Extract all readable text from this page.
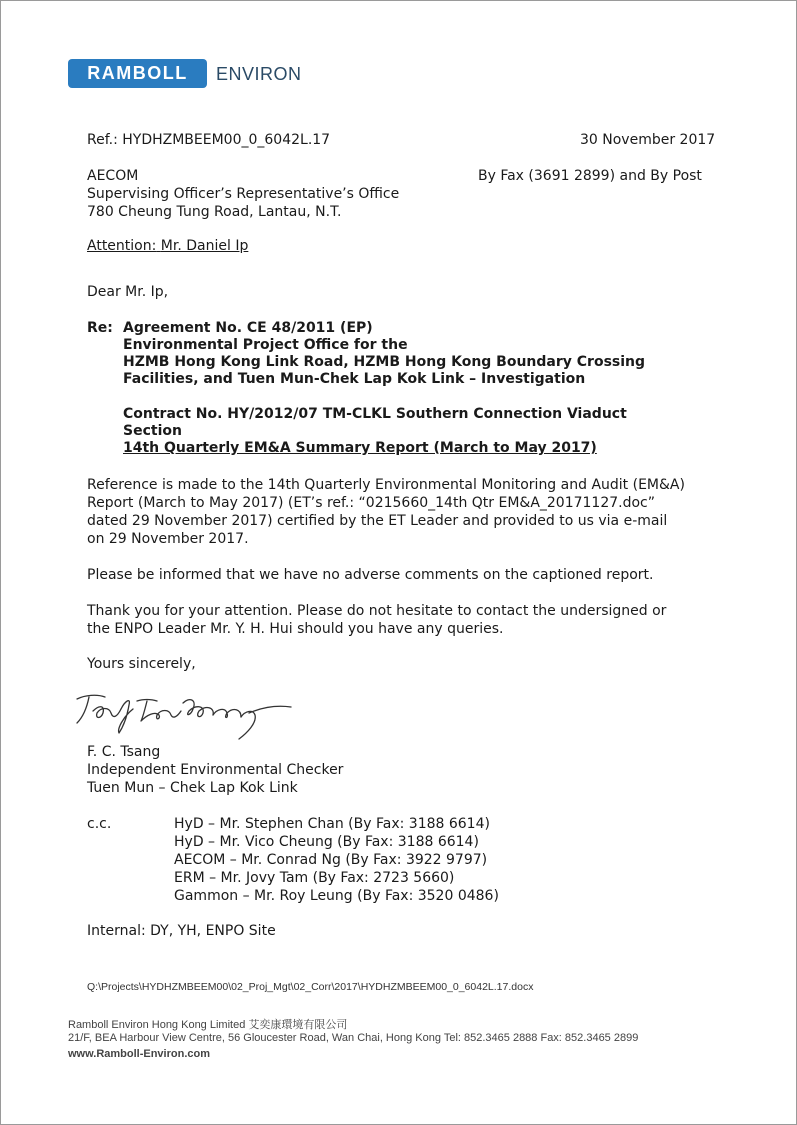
RAMBOLL	ENVIRON
Ref.: HYDHZMBEEM00_0_6042L.17	30 November 2017
AECOM
Supervising Officer’s Representative’s Office
780 Cheung Tung Road, Lantau, N.T.
By Fax (3691 2899) and By Post
Attention: Mr. Daniel Ip
Dear Mr. Ip,
Re: Agreement No. CE 48/2011 (EP)
Environmental Project Office for the
HZMB Hong Kong Link Road, HZMB Hong Kong Boundary Crossing
Facilities, and Tuen Mun-Chek Lap Kok Link – Investigation
Contract No. HY/2012/07 TM-CLKL Southern Connection Viaduct
Section
14th Quarterly EM&A Summary Report (March to May 2017)
Reference is made to the 14th Quarterly Environmental Monitoring and Audit (EM&A)
Report (March to May 2017) (ET’s ref.: “0215660_14th Qtr EM&A_20171127.doc”
dated 29 November 2017) certified by the ET Leader and provided to us via e-mail
on 29 November 2017.
Please be informed that we have no adverse comments on the captioned report.
Thank you for your attention. Please do not hesitate to contact the undersigned or
the ENPO Leader Mr. Y. H. Hui should you have any queries.
Yours sincerely,
F. C. Tsang
Independent Environmental Checker
Tuen Mun – Chek Lap Kok Link
c.c.	HyD – Mr. Stephen Chan (By Fax: 3188 6614)
HyD – Mr. Vico Cheung (By Fax: 3188 6614)
AECOM – Mr. Conrad Ng (By Fax: 3922 9797)
ERM – Mr. Jovy Tam (By Fax: 2723 5660)
Gammon – Mr. Roy Leung (By Fax: 3520 0486)
Internal: DY, YH, ENPO Site
Q:\Projects\HYDHZMBEEM00\02_Proj_Mgt\02_Corr\2017\HYDHZMBEEM00_0_6042L.17.docx
Ramboll Environ Hong Kong Limited 艾奕康環境有限公司
21/F, BEA Harbour View Centre, 56 Gloucester Road, Wan Chai, Hong Kong Tel: 852.3465 2888 Fax: 852.3465 2899
www.Ramboll-Environ.com
